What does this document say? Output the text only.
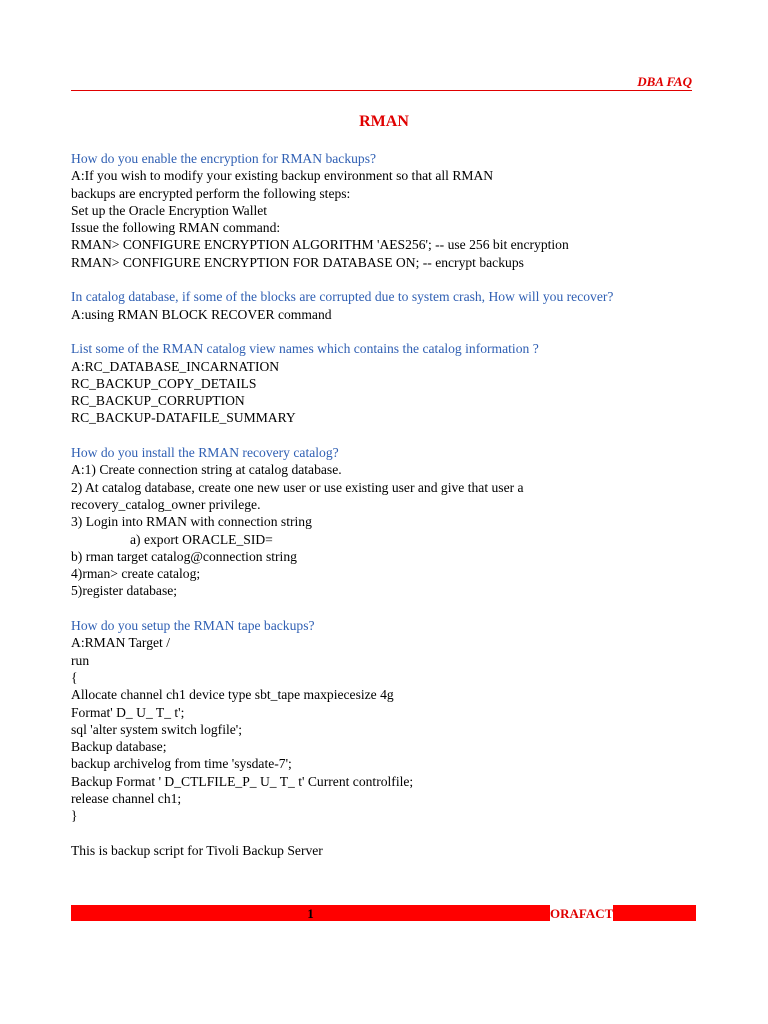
DBA FAQ
RMAN
How do you enable the encryption for RMAN backups?
A:If you wish to modify your existing backup environment so that all RMAN
backups are encrypted perform the following steps:
Set up the Oracle Encryption Wallet
Issue the following RMAN command:
RMAN> CONFIGURE ENCRYPTION ALGORITHM 'AES256'; -- use 256 bit encryption
RMAN> CONFIGURE ENCRYPTION FOR DATABASE ON; -- encrypt backups
In catalog database, if some of the blocks are corrupted due to system crash, How will you recover?
A:using RMAN BLOCK RECOVER command
List some of the RMAN catalog view names which contains the catalog information ?
A:RC_DATABASE_INCARNATION
RC_BACKUP_COPY_DETAILS
RC_BACKUP_CORRUPTION
RC_BACKUP-DATAFILE_SUMMARY
How do you install the RMAN recovery catalog?
A:1) Create connection string at catalog database.
2) At catalog database, create one new user or use existing user and give that user a
recovery_catalog_owner privilege.
3) Login into RMAN with connection string
a) export ORACLE_SID=
b) rman target catalog@connection string
4)rman> create catalog;
5)register database;
How do you setup the RMAN tape backups?
A:RMAN Target /
run
{
Allocate channel ch1 device type sbt_tape maxpiecesize 4g
Format' D_ U_ T_ t';
sql 'alter system switch logfile';
Backup database;
backup archivelog from time 'sysdate-7';
Backup Format ' D_CTLFILE_P_ U_ T_ t' Current controlfile;
release channel ch1;
}
This is backup script for Tivoli Backup Server
1	ORAFACT
